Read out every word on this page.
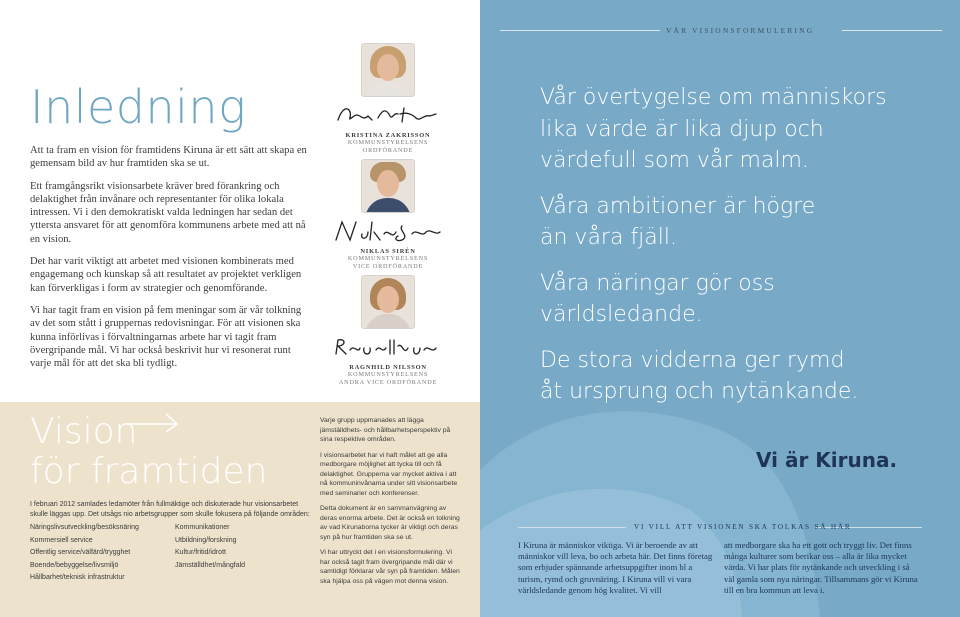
Inledning

Att ta fram en vision för framtidens Kiruna är ett sätt att skapa en gemensam bild av hur framtiden ska se ut.

Ett framgångsrikt visionsarbete kräver bred förankring och delaktighet från invånare och representanter för olika lokala intressen. Vi i den demokratiskt valda ledningen har sedan det yttersta ansvaret för att genomföra kommunens arbete med att nå en vision.

Det har varit viktigt att arbetet med visionen kombinerats med engagemang och kunskap så att resultatet av projektet verkligen kan förverkligas i form av strategier och genomförande.

Vi har tagit fram en vision på fem meningar som är vår tolkning av det som stått i gruppernas redovisningar. För att visionen ska kunna införlivas i förvaltningarnas arbete har vi tagit fram övergripande mål. Vi har också beskrivit hur vi resonerat runt varje mål för att det ska bli tydligt.

KRISTINA ZAKRISSON
KOMMUNSTYRELSENS
ORDFÖRANDE
NIKLAS SIRÉN
KOMMUNSTYRELSENS
VICE ORDFÖRANDE
RAGNHILD NILSSON
KOMMUNSTYRELSENS
ANDRA VICE ORDFÖRANDE
Vision
för framtiden
I februari 2012 samlades ledamöter från fullmäktige och diskuterade hur visionsarbetet skulle läggas upp. Det utsågs nio arbetsgrupper som skulle fokusera på följande områden:
Näringslivsutveckling/besöksnäring
Kommersiell service
Offentlig service/välfärd/trygghet
Boende/bebyggelse/livsmiljö
Hållbarhet/teknisk infrastruktur
Kommunikationer
Utbildning/forskning
Kultur/fritid/idrott
Jämställdhet/mångfald

Varje grupp uppmanades att lägga jämställdhets- och hållbarhetsperspektiv på sina respektive områden.

I visionsarbetet har vi haft målet att ge alla medborgare möjlighet att tycka till och få delaktighet. Grupperna var mycket aktiva i att nå kommuninvånarna under sitt visionsarbete med seminarier och konferenser.

Detta dokument är en sammanvägning av deras enorma arbete. Det är också en tolkning av vad Kirunaborna tycker är viktigt och deras syn på hur framtiden ska se ut.

Vi har uttryckt det i en visionsformulering. Vi har också tagit fram övergripande mål där vi samtidigt förklarar vår syn på framtiden. Målen ska hjälpa oss på vägen mot denna vision.

VÅR VISIONSFORMULERING
Vår övertygelse om människors
lika värde är lika djup och
värdefull som vår malm.
Våra ambitioner är högre
än våra fjäll.
Våra näringar gör oss
världsledande.
De stora vidderna ger rymd
åt ursprung och nytänkande.
Vi är Kiruna.
VI VILL ATT VISIONEN SKA TOLKAS SÅ HÄR
I Kiruna är människor viktiga. Vi är beroende av att människor vill leva, bo och arbeta här. Det finns företag som erbjuder spännande arbetsuppgifter inom bl a turism, rymd och gruvnäring. I Kiruna vill vi vara världsledande genom hög kvalitet. Vi vill
att medborgare ska ha ett gott och tryggt liv. Det finns många kulturer som berikar oss – alla är lika mycket värda. Vi har plats för nytänkande och utveckling i så väl gamla som nya näringar. Tillsammans gör vi Kiruna till en bra kommun att leva i.
